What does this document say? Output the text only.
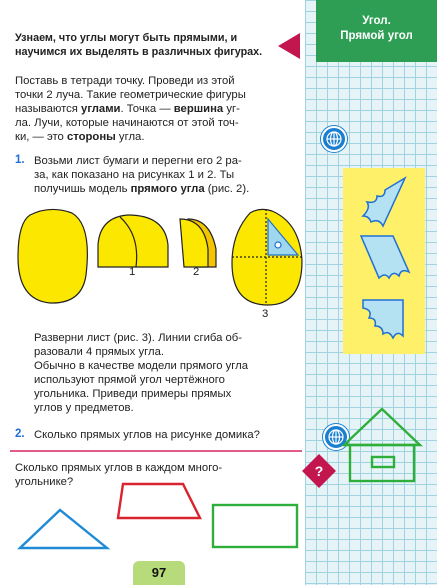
Угол.
Прямой угол
Узнаем, что углы могут быть прямыми, и
научимся их выделять в различных фигурах.
Поставь в тетради точку. Проведи из этой
точки 2 луча. Такие геометрические фигуры
называются углами. Точка — вершина уг-
ла. Лучи, которые начинаются от этой точ-
ки, — это стороны угла.
1. Возьми лист бумаги и перегни его 2 ра-
за, как показано на рисунках 1 и 2. Ты
получишь модель прямого угла (рис. 2).
1	2
3
Разверни лист (рис. 3). Линии сгиба об-
разовали 4 прямых угла.
Обычно в качестве модели прямого угла
используют прямой угол чертёжного
угольника. Приведи примеры прямых
углов у предметов.
2. Сколько прямых углов на рисунке домика?
?
Сколько прямых углов в каждом много-
угольнике?
97
